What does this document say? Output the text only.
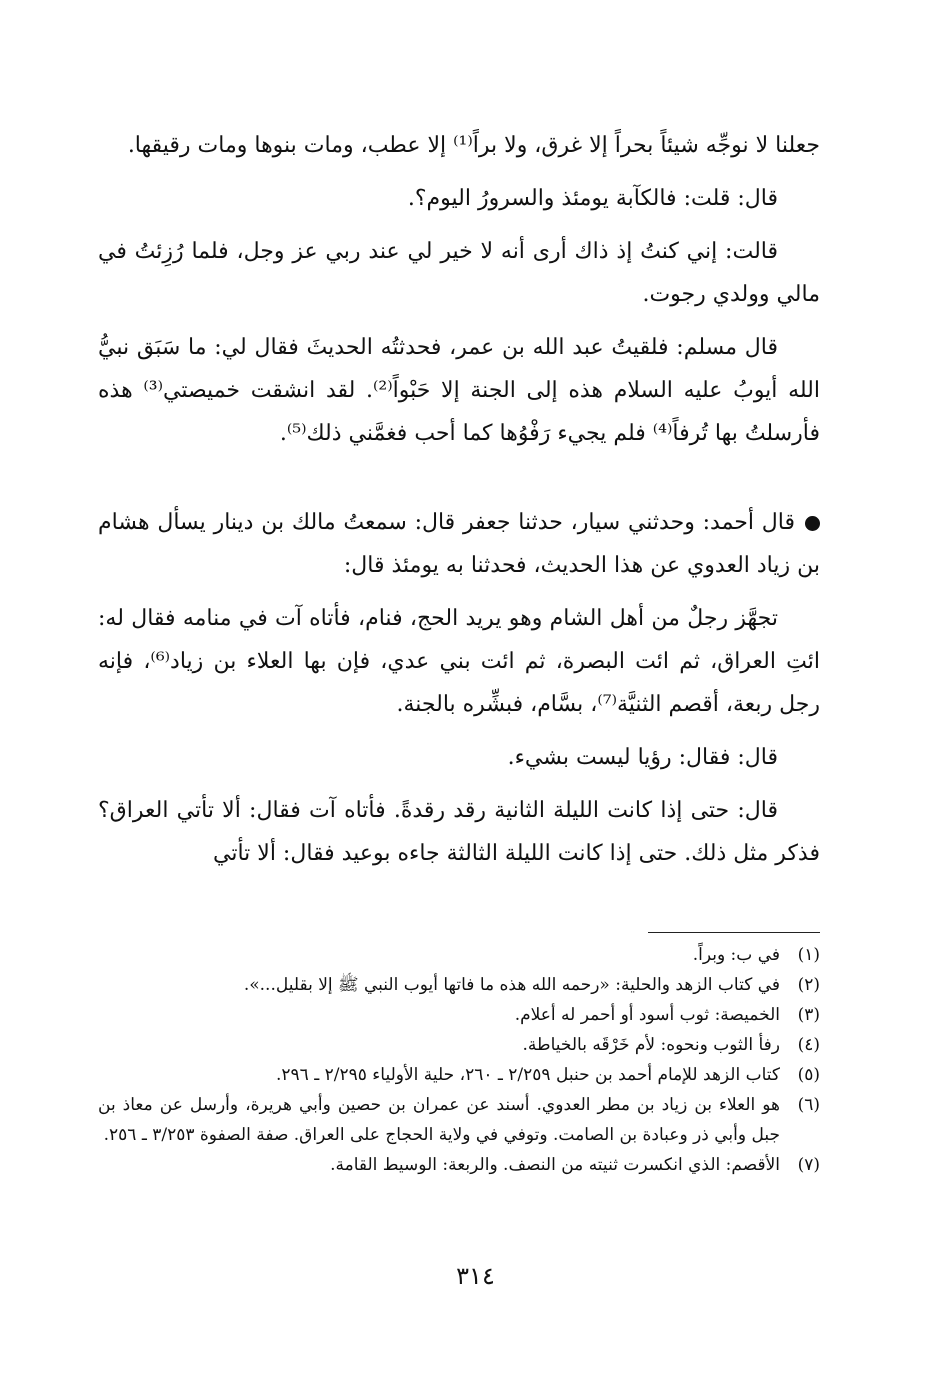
جعلنا لا نوجِّه شيئاً بحراً إلا غرق، ولا براً⁽¹⁾ إلا عطب، ومات بنوها ومات رقيقها.

قال: قلت: فالكآبة يومئذ والسرورُ اليوم؟.

قالت: إني كنتُ إذ ذاك أرى أنه لا خير لي عند ربي عز وجل، فلما رُزِئتُ في مالي وولدي رجوت.

قال مسلم: فلقيتُ عبد الله بن عمر، فحدثتُه الحديثَ فقال لي: ما سَبَق نبيُّ الله أيوبُ عليه السلام هذه إلى الجنة إلا حَبْواً⁽²⁾. لقد انشقت خميصتي⁽³⁾ هذه فأرسلتُ بها تُرفاً⁽⁴⁾ فلم يجيء رَفْوُها كما أحب فغمَّني ذلك⁽⁵⁾.

قال أحمد: وحدثني سيار، حدثنا جعفر قال: سمعتُ مالك بن دينار يسأل هشام بن زياد العدوي عن هذا الحديث، فحدثنا به يومئذ قال:

تجهَّز رجلٌ من أهل الشام وهو يريد الحج، فنام، فأتاه آت في منامه فقال له: ائتِ العراق، ثم ائت البصرة، ثم ائت بني عدي، فإن بها العلاء بن زياد⁽⁶⁾، فإنه رجل ربعة، أقصم الثنيَّة⁽⁷⁾، بسَّام، فبشِّره بالجنة.

قال: فقال: رؤيا ليست بشيء.

قال: حتى إذا كانت الليلة الثانية رقد رقدةً. فأتاه آت فقال: ألا تأتي العراق؟ فذكر مثل ذلك. حتى إذا كانت الليلة الثالثة جاءه بوعيد فقال: ألا تأتي

(١)
في ب: وبراً.
(٢)
في كتاب الزهد والحلية: «رحمه الله هذه ما فاتها أيوب النبي ﷺ إلا بقليل...».
(٣)
الخميصة: ثوب أسود أو أحمر له أعلام.
(٤)
رفأ الثوب ونحوه: لأم خَرْقَه بالخياطة.
(٥)
كتاب الزهد للإمام أحمد بن حنبل ٢/٢٥٩ ـ ٢٦٠، حلية الأولياء ٢/٢٩٥ ـ ٢٩٦.
(٦)
هو العلاء بن زياد بن مطر العدوي. أسند عن عمران بن حصين وأبي هريرة، وأرسل عن معاذ بن جبل وأبي ذر وعبادة بن الصامت. وتوفي في ولاية الحجاج على العراق. صفة الصفوة ٣/٢٥٣ ـ ٢٥٦.
(٧)
الأقصم: الذي انكسرت ثنيته من النصف. والربعة: الوسيط القامة.
٣١٤
